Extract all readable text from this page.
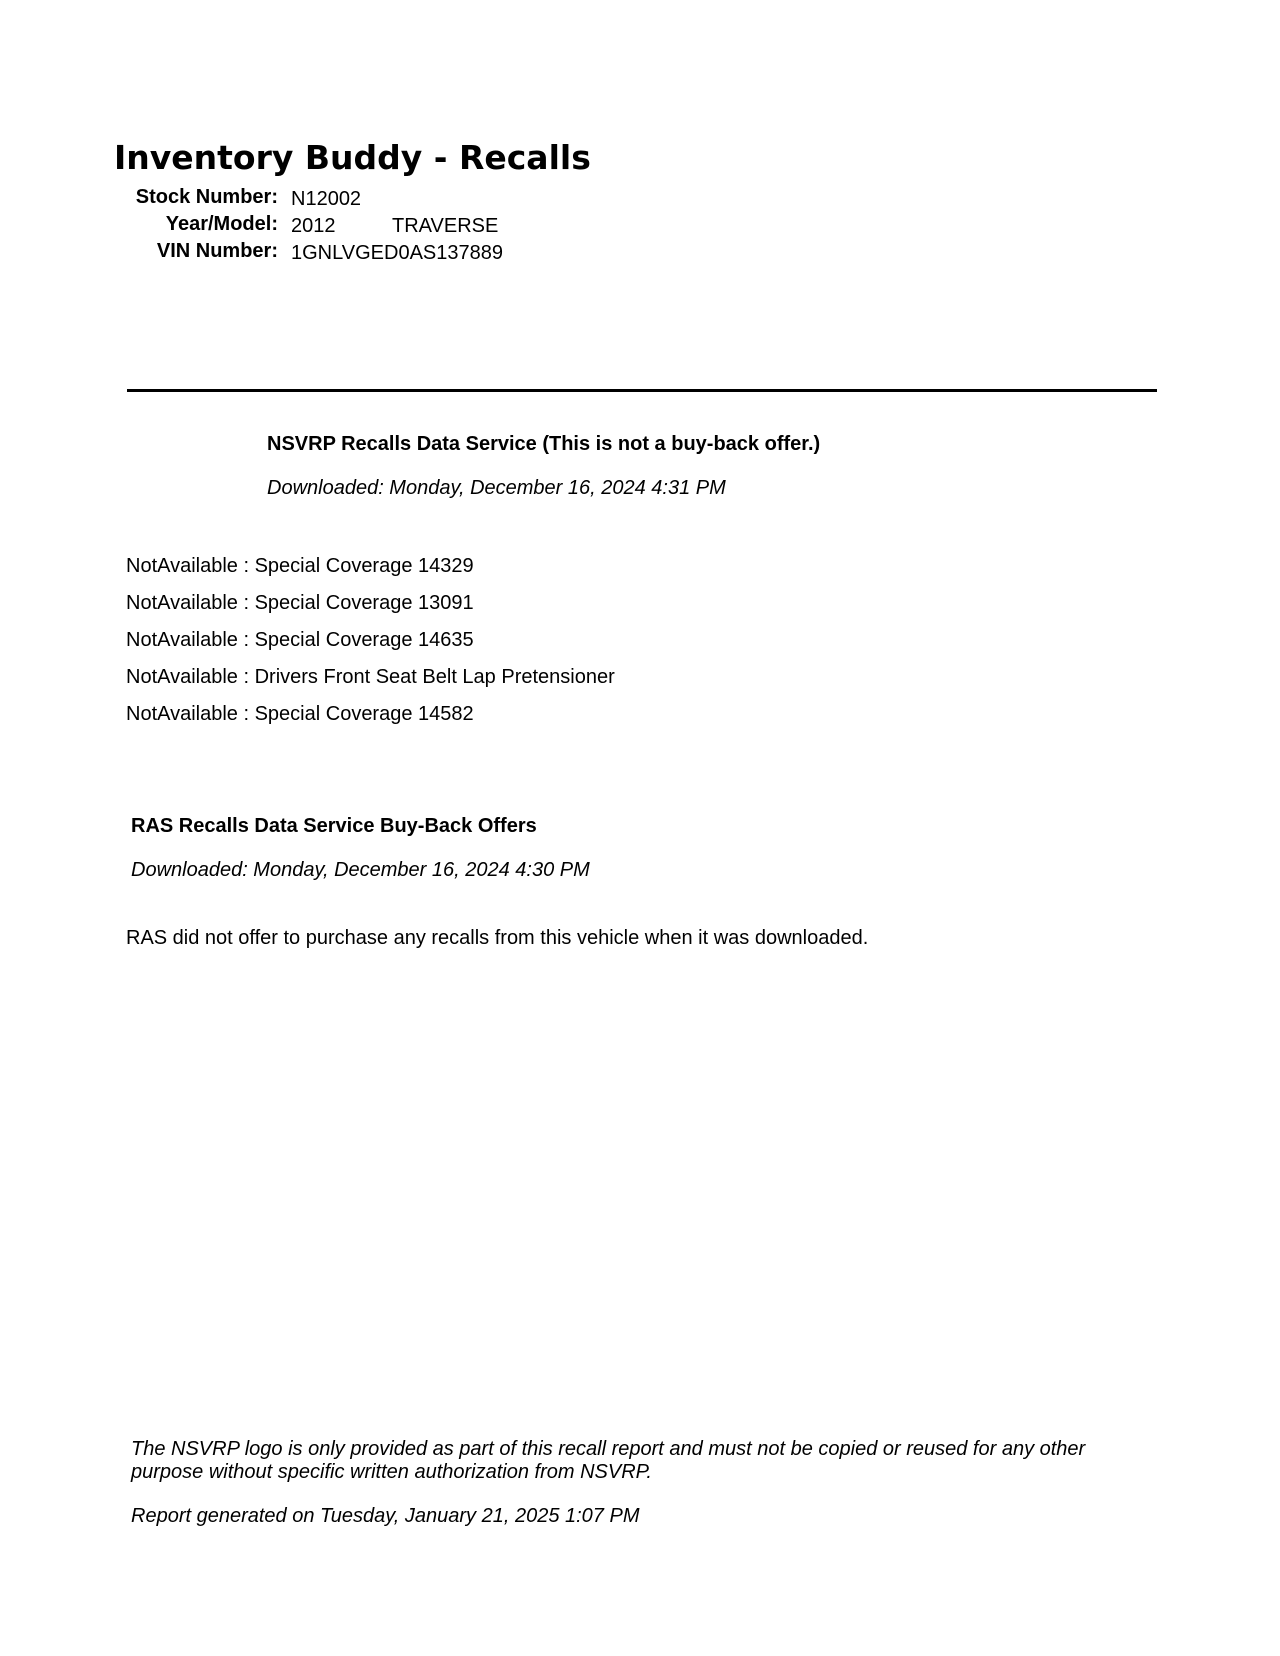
Inventory Buddy - Recalls
Stock Number: N12002
Year/Model: 2012	TRAVERSE
VIN Number: 1GNLVGED0AS137889
NSVRP Recalls Data Service (This is not a buy-back offer.)
Downloaded: Monday, December 16, 2024 4:31 PM
NotAvailable : Special Coverage 14329
NotAvailable : Special Coverage 13091
NotAvailable : Special Coverage 14635
NotAvailable : Drivers Front Seat Belt Lap Pretensioner
NotAvailable : Special Coverage 14582
RAS Recalls Data Service Buy-Back Offers
Downloaded: Monday, December 16, 2024 4:30 PM
RAS did not offer to purchase any recalls from this vehicle when it was downloaded.
The NSVRP logo is only provided as part of this recall report and must not be copied or reused for any other purpose without specific written authorization from NSVRP.
Report generated on Tuesday, January 21, 2025 1:07 PM
